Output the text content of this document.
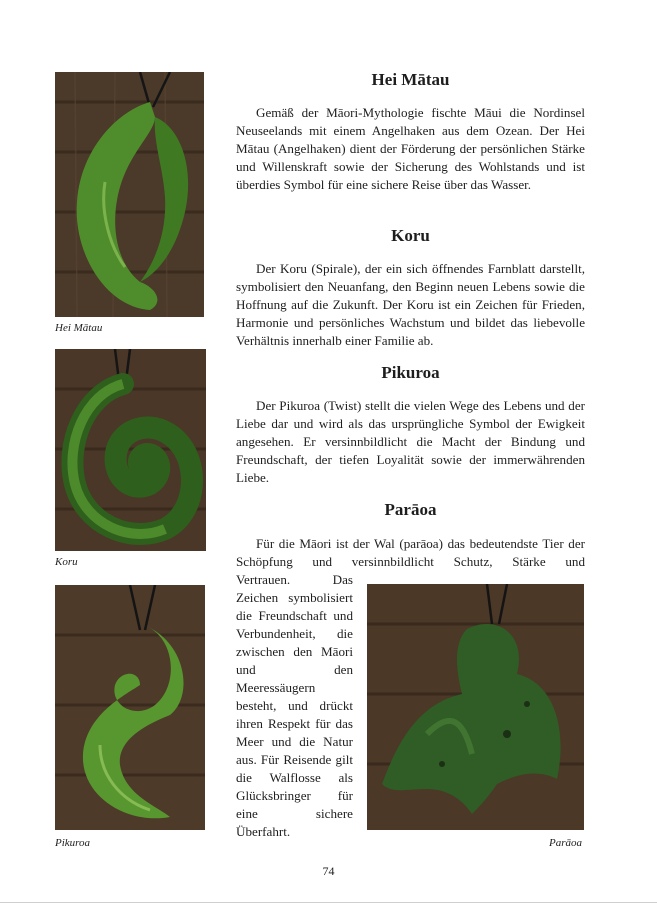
Hei Mātau
Koru
Pikuroa	Parāoa
Hei Mātau

Gemäß der Māori-Mythologie fischte Māui die Nordinsel Neuseelands mit einem Angelhaken aus dem Ozean. Der Hei Mātau (Angelhaken) dient der Förderung der persönlichen Stärke und Willenskraft sowie der Sicherung des Wohlstands und ist überdies Symbol für eine sichere Reise über das Wasser.

Koru

Der Koru (Spirale), der ein sich öffnendes Farnblatt darstellt, symbolisiert den Neuanfang, den Beginn neuen Lebens sowie die Hoffnung auf die Zukunft. Der Koru ist ein Zeichen für Frieden, Harmonie und persönliches Wachstum und bildet das liebevolle Verhältnis innerhalb einer Familie ab.

Pikuroa

Der Pikuroa (Twist) stellt die vielen Wege des Lebens und der Liebe dar und wird als das ursprüngliche Symbol der Ewigkeit angesehen. Er versinnbildlicht die Macht der Bindung und Freundschaft, der tiefen Loyalität sowie der immerwährenden Liebe.

Parāoa

Für die Māori ist der Wal (parāoa) das bedeutendste Tier der Schöpfung und versinnbildlicht Schutz, Stärke und

Vertrauen. Das Zeichen symbolisiert die Freundschaft und Verbundenheit, die zwischen den Māori und den Meeressäugern besteht, und drückt ihren Respekt für das Meer und die Natur aus. Für Reisende gilt die Walflosse als Glücksbringer für eine sichere Überfahrt.

74
